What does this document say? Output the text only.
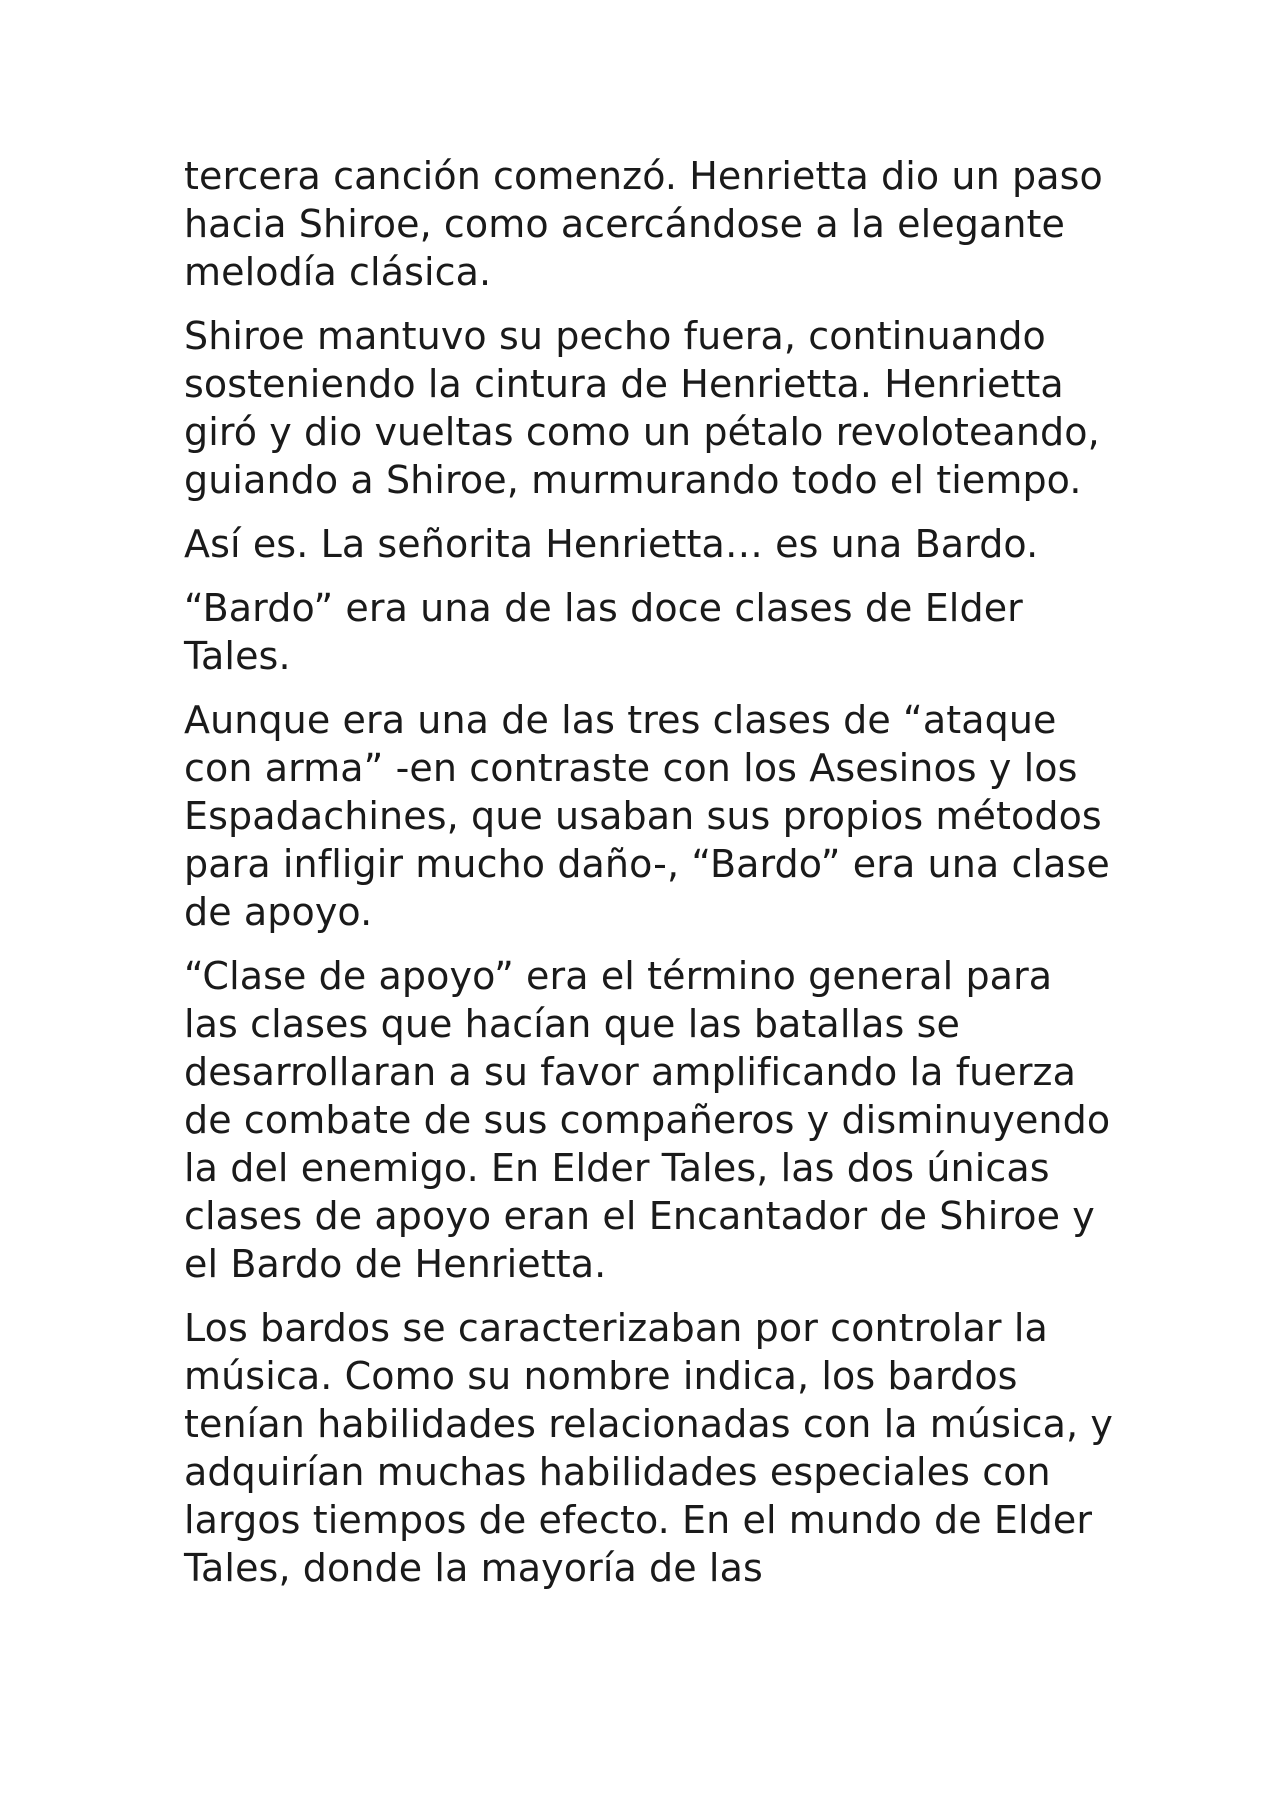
tercera canción comenzó. Henrietta dio un paso hacia Shiroe, como acercándose a la elegante melodía clásica.

Shiroe mantuvo su pecho fuera, continuando sosteniendo la cintura de Henrietta. Henrietta giró y dio vueltas como un pétalo revoloteando, guiando a Shiroe, murmurando todo el tiempo.

Así es. La señorita Henrietta… es una Bardo.

“Bardo” era una de las doce clases de Elder Tales.

Aunque era una de las tres clases de “ataque con arma” -en contraste con los Asesinos y los Espadachines, que usaban sus propios métodos para infligir mucho daño-, “Bardo” era una clase de apoyo.

“Clase de apoyo” era el término general para las clases que hacían que las batallas se desarrollaran a su favor amplificando la fuerza de combate de sus compañeros y disminuyendo la del enemigo. En Elder Tales, las dos únicas clases de apoyo eran el Encantador de Shiroe y el Bardo de Henrietta.

Los bardos se caracterizaban por controlar la música. Como su nombre indica, los bardos tenían habilidades relacionadas con la música, y adquirían muchas habilidades especiales con largos tiempos de efecto. En el mundo de Elder Tales, donde la mayoría de las
